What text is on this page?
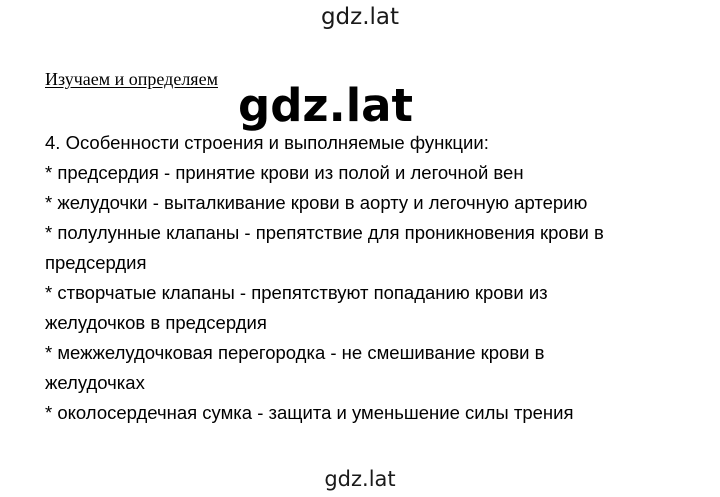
gdz.lat
Изучаем и определяем gdz.lat
4. Особенности строения и выполняемые функции:
* предсердия - принятие крови из полой и легочной вен
* желудочки - выталкивание крови в аорту и легочную артерию
* полулунные клапаны - препятствие для проникновения крови в
предсердия
* створчатые клапаны - препятствуют попаданию крови из
желудочков в предсердия
* межжелудочковая перегородка - не смешивание крови в
желудочках
* околосердечная сумка - защита и уменьшение силы трения
gdz.lat
